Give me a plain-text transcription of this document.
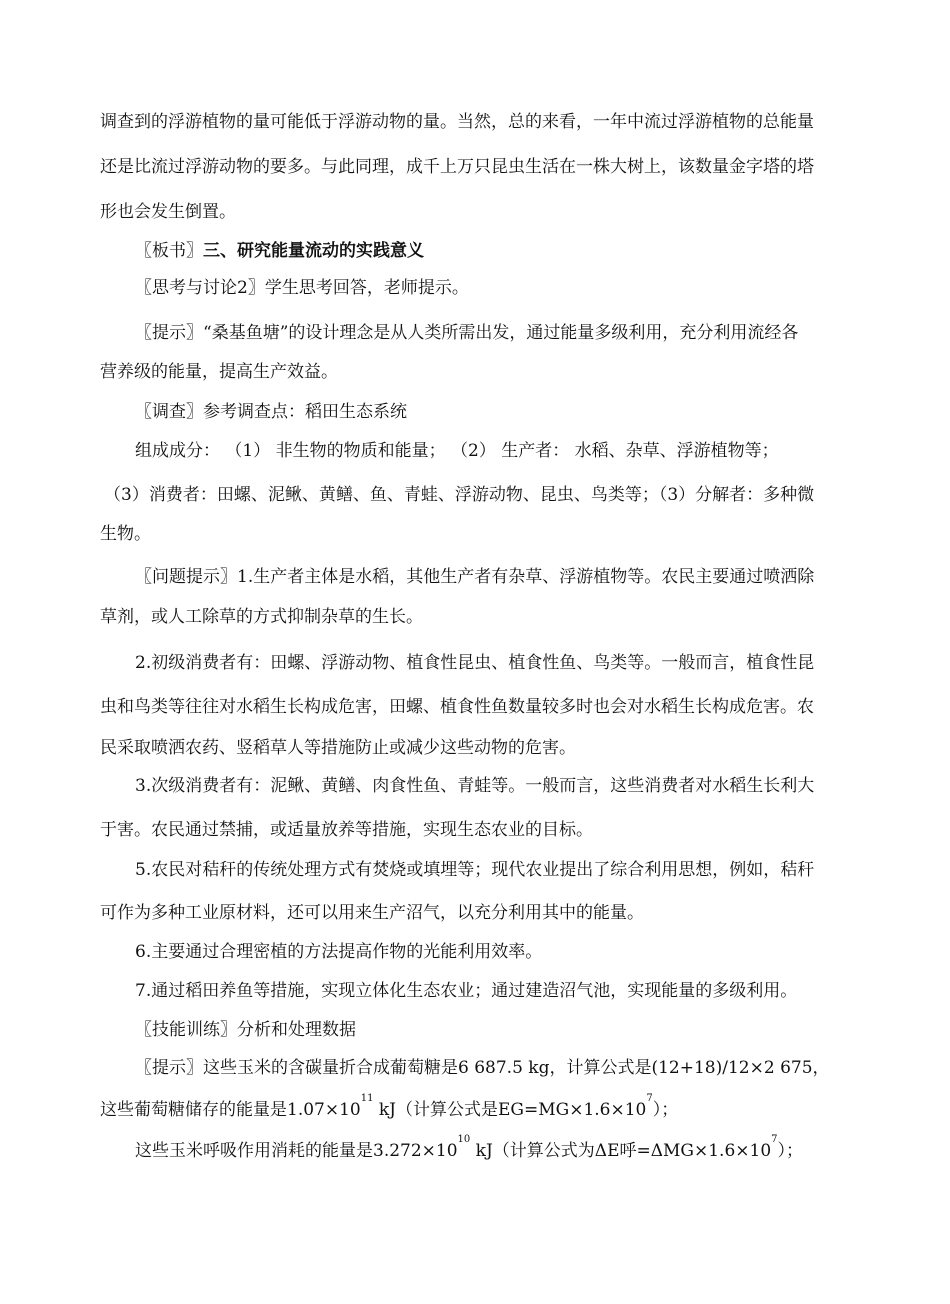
调查到的浮游植物的量可能低于浮游动物的量。当然，总的来看，一年中流过浮游植物的总能量
还是比流过浮游动物的要多。与此同理，成千上万只昆虫生活在一株大树上，该数量金字塔的塔
形也会发生倒置。
〖板书〗三、研究能量流动的实践意义
〖思考与讨论2〗学生思考回答，老师提示。
〖提示〗“桑基鱼塘”的设计理念是从人类所需出发，通过能量多级利用，充分利用流经各
营养级的能量，提高生产效益。
〖调查〗参考调查点：稻田生态系统
组成成分： （1） 非生物的物质和能量； （2） 生产者： 水稻、杂草、浮游植物等；
（3）消费者：田螺、泥鳅、黄鳝、鱼、青蛙、浮游动物、昆虫、鸟类等；（3）分解者：多种微
生物。
〖问题提示〗1.生产者主体是水稻，其他生产者有杂草、浮游植物等。农民主要通过喷洒除
草剂，或人工除草的方式抑制杂草的生长。
2.初级消费者有：田螺、浮游动物、植食性昆虫、植食性鱼、鸟类等。一般而言，植食性昆
虫和鸟类等往往对水稻生长构成危害，田螺、植食性鱼数量较多时也会对水稻生长构成危害。农
民采取喷洒农药、竖稻草人等措施防止或减少这些动物的危害。
3.次级消费者有：泥鳅、黄鳝、肉食性鱼、青蛙等。一般而言，这些消费者对水稻生长利大
于害。农民通过禁捕，或适量放养等措施，实现生态农业的目标。
5.农民对秸秆的传统处理方式有焚烧或填埋等；现代农业提出了综合利用思想，例如，秸秆
可作为多种工业原材料，还可以用来生产沼气，以充分利用其中的能量。
6.主要通过合理密植的方法提高作物的光能利用效率。
7.通过稻田养鱼等措施，实现立体化生态农业；通过建造沼气池，实现能量的多级利用。
〖技能训练〗分析和处理数据
〖提示〗这些玉米的含碳量折合成葡萄糖是6 687.5 kg，计算公式是(12+18)/12×2 675，
这些葡萄糖储存的能量是$1.07\times 10^{11}$ kJ（计算公式是$EG=MG\times 1.6\times 10^7$）；
这些玉米呼吸作用消耗的能量是$3.272\times 10^{10}$ kJ（计算公式为ΔE呼$=\Delta MG\times 1.6\times 10^7$）；
